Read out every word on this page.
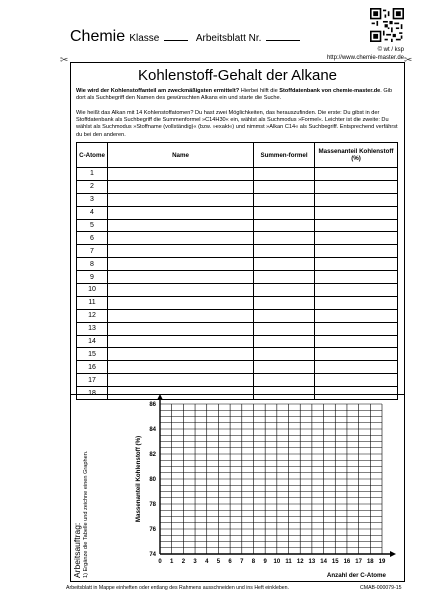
Chemie Klasse	Arbeitsblatt Nr.
© wt / ksp
http://www.chemie-master.de
✂	✂
Kohlenstoff-Gehalt der Alkane
Wie wird der Kohlenstoffanteil am zweckmäßigsten ermittelt? Hierbei hilft die Stoffdatenbank von chemie-master.de. Gib dort als Suchbegriff den Namen des gewünschten Alkans ein und starte die Suche.
Wie heißt das Alkan mit 14 Kohlenstoffatomen? Du hast zwei Möglichkeiten, das herauszufinden. Die erste: Du gibst in der Stoffdatenbank als Suchbegriff die Summenformel »C14H30« ein, wählst als Suchmodus »Formel«. Leichter ist die zweite: Du wählst als Suchmodus »Stoffname (vollständig)« (bzw. »exakt«) und nimmst »Alkan C14« als Suchbegriff. Entsprechend verfährst du bei den anderen.
C-Atome	Name	Summen-formel	Massenanteil Kohlenstoff (%)
1			
2			
3			
4			
5			
6			
7			
8			
9			
10			
11			
12			
13			
14			
15			
16			
17			
18			
Arbeitsauftrag: 1) Ergänze die Tabelle und zeichne einen Graphen.	0 1 2 3 4 5 6 7 8 9 10 11 12 13 14 15 16 17 18 19
74
76
78
80
82
84
86
Anzahl der C-Atome
Massenanteil Kohlenstoff (%)
Arbeitsblatt in Mappe einheften oder entlang des Rahmens ausschneiden und ins Heft einkleben.	CMAB-000079-15
